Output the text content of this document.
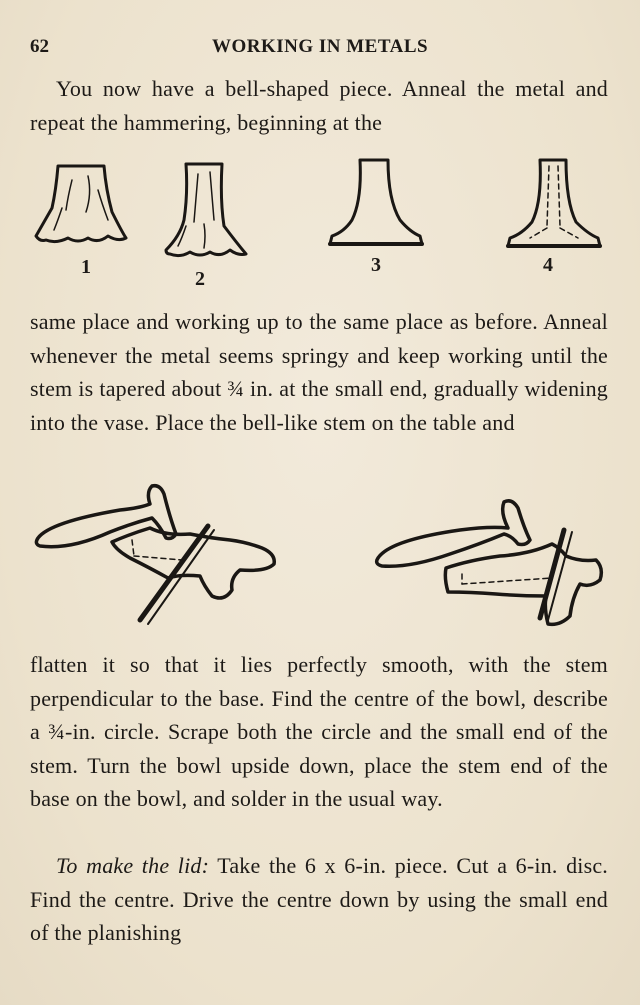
62	WORKING IN METALS

You now have a bell-shaped piece. Anneal the metal and repeat the hammering, beginning at the

1
2
3	4

same place and working up to the same place as before. Anneal whenever the metal seems springy and keep working until the stem is tapered about ¾ in. at the small end, gradually widening into the vase. Place the bell-like stem on the table and

flatten it so that it lies perfectly smooth, with the stem perpendicular to the base. Find the centre of the bowl, describe a ¾-in. circle. Scrape both the circle and the small end of the stem. Turn the bowl upside down, place the stem end of the base on the bowl, and solder in the usual way.

To make the lid: Take the 6 x 6-in. piece. Cut a 6-in. disc. Find the centre. Drive the centre down by using the small end of the planishing
